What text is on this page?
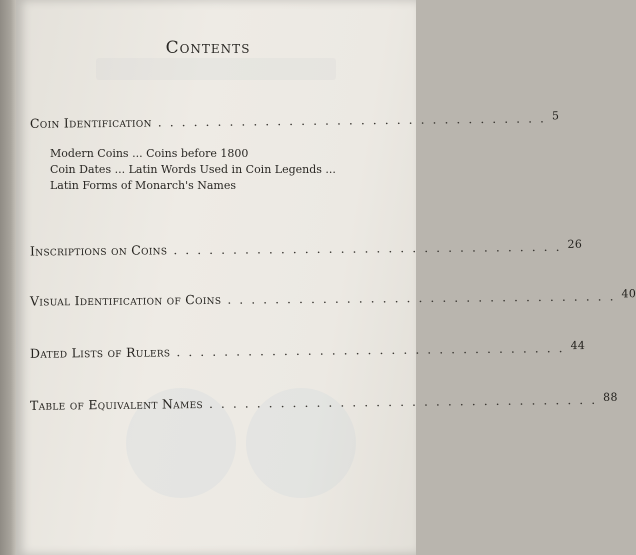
Contents
Coin Identification . . . . . . . . . . . . . . . . . . . . . . . . . . . . . . . . . 5
Modern Coins ... Coins before 1800
Coin Dates ... Latin Words Used in Coin Legends ... Latin Forms of Monarch's Names
Inscriptions on Coins . . . . . . . . . . . . . . . . . . . . . . . . . . . . . . . . . 26
Visual Identification of Coins . . . . . . . . . . . . . . . . . . . . . . . . . . . . . . . . . 40
Dated Lists of Rulers . . . . . . . . . . . . . . . . . . . . . . . . . . . . . . . . . 44
Table of Equivalent Names . . . . . . . . . . . . . . . . . . . . . . . . . . . . . . . . . 88
